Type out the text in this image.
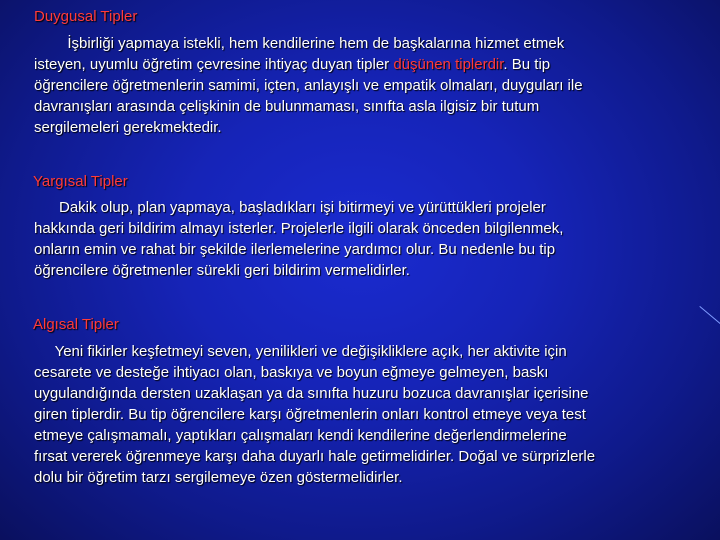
Duygusal Tipler

İşbirliği yapmaya istekli, hem kendilerine hem de başkalarına hizmet etmek
isteyen, uyumlu öğretim çevresine ihtiyaç duyan tipler düşünen tiplerdir. Bu tip
öğrencilere öğretmenlerin samimi, içten, anlayışlı ve empatik olmaları, duyguları ile
davranışları arasında çelişkinin de bulunmaması, sınıfta asla ilgisiz bir tutum
sergilemeleri gerekmektedir.

Yargısal Tipler

Dakik olup, plan yapmaya, başladıkları işi bitirmeyi ve yürüttükleri projeler
hakkında geri bildirim almayı isterler. Projelerle ilgili olarak önceden bilgilenmek,
onların emin ve rahat bir şekilde ilerlemelerine yardımcı olur. Bu nedenle bu tip
öğrencilere öğretmenler sürekli geri bildirim vermelidirler.

Algısal Tipler

Yeni fikirler keşfetmeyi seven, yenilikleri ve değişikliklere açık, her aktivite için
cesarete ve desteğe ihtiyacı olan, baskıya ve boyun eğmeye gelmeyen, baskı
uygulandığında dersten uzaklaşan ya da sınıfta huzuru bozuca davranışlar içerisine
giren tiplerdir. Bu tip öğrencilere karşı öğretmenlerin onları kontrol etmeye veya test
etmeye çalışmamalı, yaptıkları çalışmaları kendi kendilerine değerlendirmelerine
fırsat vererek öğrenmeye karşı daha duyarlı hale getirmelidirler. Doğal ve sürprizlerle
dolu bir öğretim tarzı sergilemeye özen göstermelidirler.
